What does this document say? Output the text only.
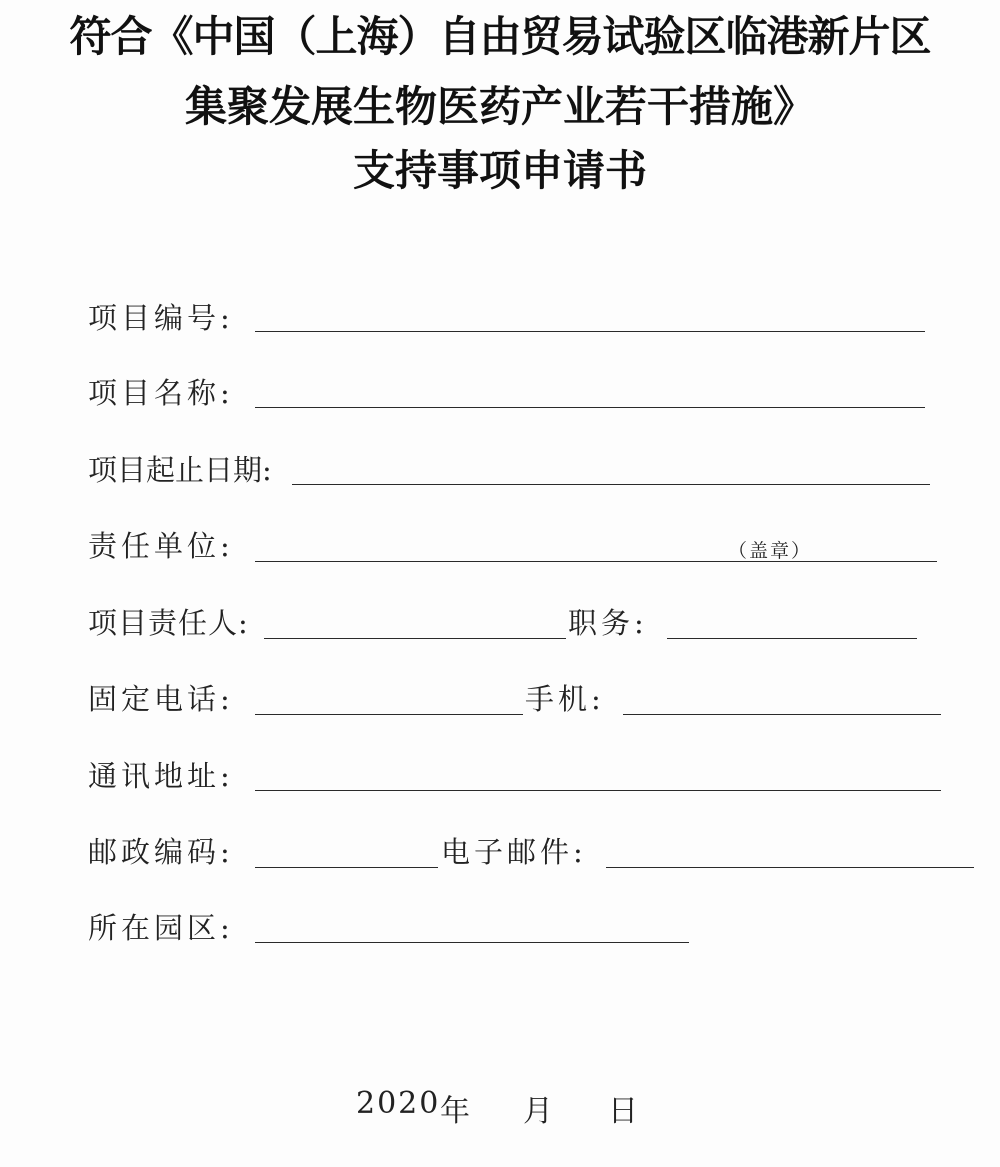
符合《中国（上海）自由贸易试验区临港新片区
集聚发展生物医药产业若干措施》
支持事项申请书
项目编号:
项目名称:
项目起止日期:
责任单位:	（盖章）
项目责任人:	职务:
固定电话:	手机:
通讯地址:
邮政编码:	电子邮件:
所在园区:
2020 年 月 日
